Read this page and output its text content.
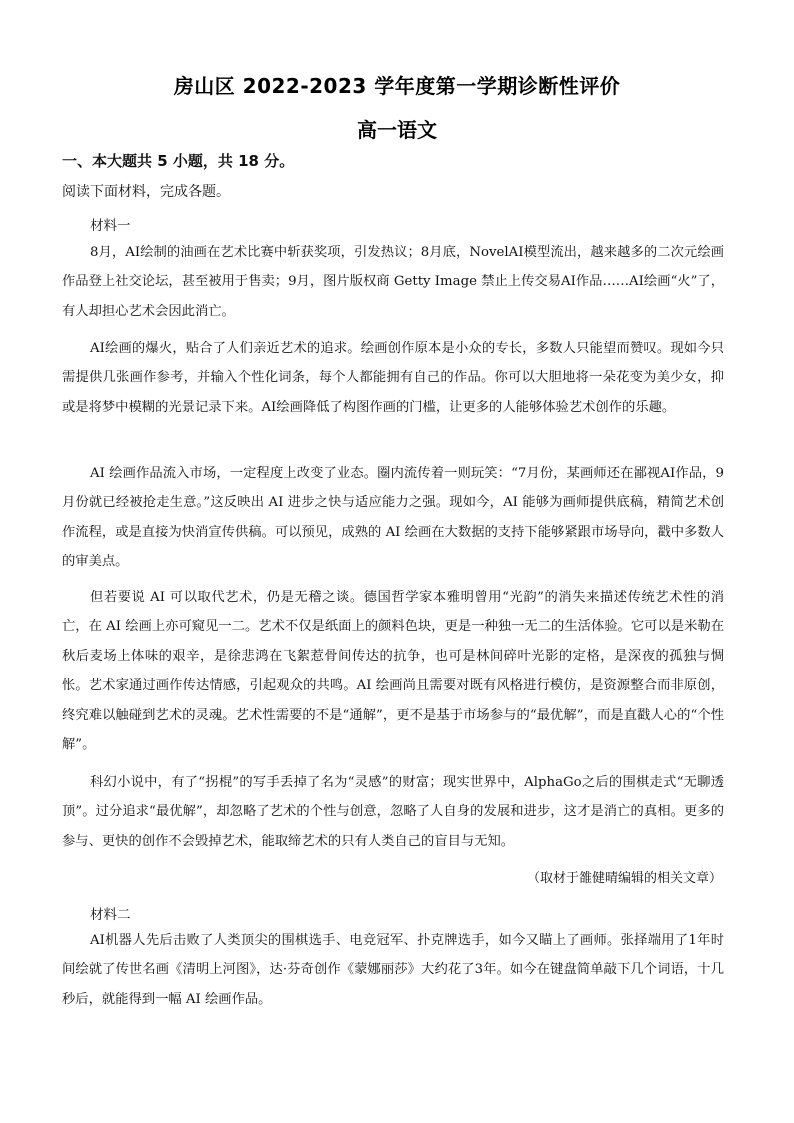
房山区 2022-2023 学年度第一学期诊断性评价
高一语文
一、本大题共 5 小题，共 18 分。
阅读下面材料，完成各题。
材料一

8月，AI绘制的油画在艺术比赛中斩获奖项，引发热议；8月底，NovelAI模型流出，越来越多的二次元绘画作品登上社交论坛，甚至被用于售卖；9月，图片版权商 Getty Image 禁止上传交易AI作品……AI绘画“火”了，有人却担心艺术会因此消亡。

AI绘画的爆火，贴合了人们亲近艺术的追求。绘画创作原本是小众的专长，多数人只能望而赞叹。现如今只需提供几张画作参考，并输入个性化词条，每个人都能拥有自己的作品。你可以大胆地将一朵花变为美少女，抑或是将梦中模糊的光景记录下来。AI绘画降低了构图作画的门槛，让更多的人能够体验艺术创作的乐趣。

AI 绘画作品流入市场，一定程度上改变了业态。圈内流传着一则玩笑：“7月份，某画师还在鄙视AI作品，9月份就已经被抢走生意。”这反映出 AI 进步之快与适应能力之强。现如今，AI 能够为画师提供底稿，精简艺术创作流程，或是直接为快消宣传供稿。可以预见，成熟的 AI 绘画在大数据的支持下能够紧跟市场导向，戳中多数人的审美点。

但若要说 AI 可以取代艺术，仍是无稽之谈。德国哲学家本雅明曾用“光韵”的消失来描述传统艺术性的消亡，在 AI 绘画上亦可窥见一二。艺术不仅是纸面上的颜料色块，更是一种独一无二的生活体验。它可以是米勒在秋后麦场上体味的艰辛，是徐悲鸿在飞絮惹骨间传达的抗争，也可是林间碎叶光影的定格，是深夜的孤独与惆怅。艺术家通过画作传达情感，引起观众的共鸣。AI 绘画尚且需要对既有风格进行模仿，是资源整合而非原创，终究难以触碰到艺术的灵魂。艺术性需要的不是“通解”，更不是基于市场参与的“最优解”，而是直戳人心的“个性解”。

科幻小说中，有了“拐棍”的写手丢掉了名为“灵感”的财富；现实世界中，AlphaGo之后的围棋走式“无聊透顶”。过分追求“最优解”，却忽略了艺术的个性与创意，忽略了人自身的发展和进步，这才是消亡的真相。更多的参与、更快的创作不会毁掉艺术，能取缔艺术的只有人类自己的盲目与无知。

（取材于雒健晴编辑的相关文章）
材料二

AI机器人先后击败了人类顶尖的围棋选手、电竞冠军、扑克牌选手，如今又瞄上了画师。张择端用了1年时间绘就了传世名画《清明上河图》，达·芬奇创作《蒙娜丽莎》大约花了3年。如今在键盘简单敲下几个词语，十几秒后，就能得到一幅 AI 绘画作品。
